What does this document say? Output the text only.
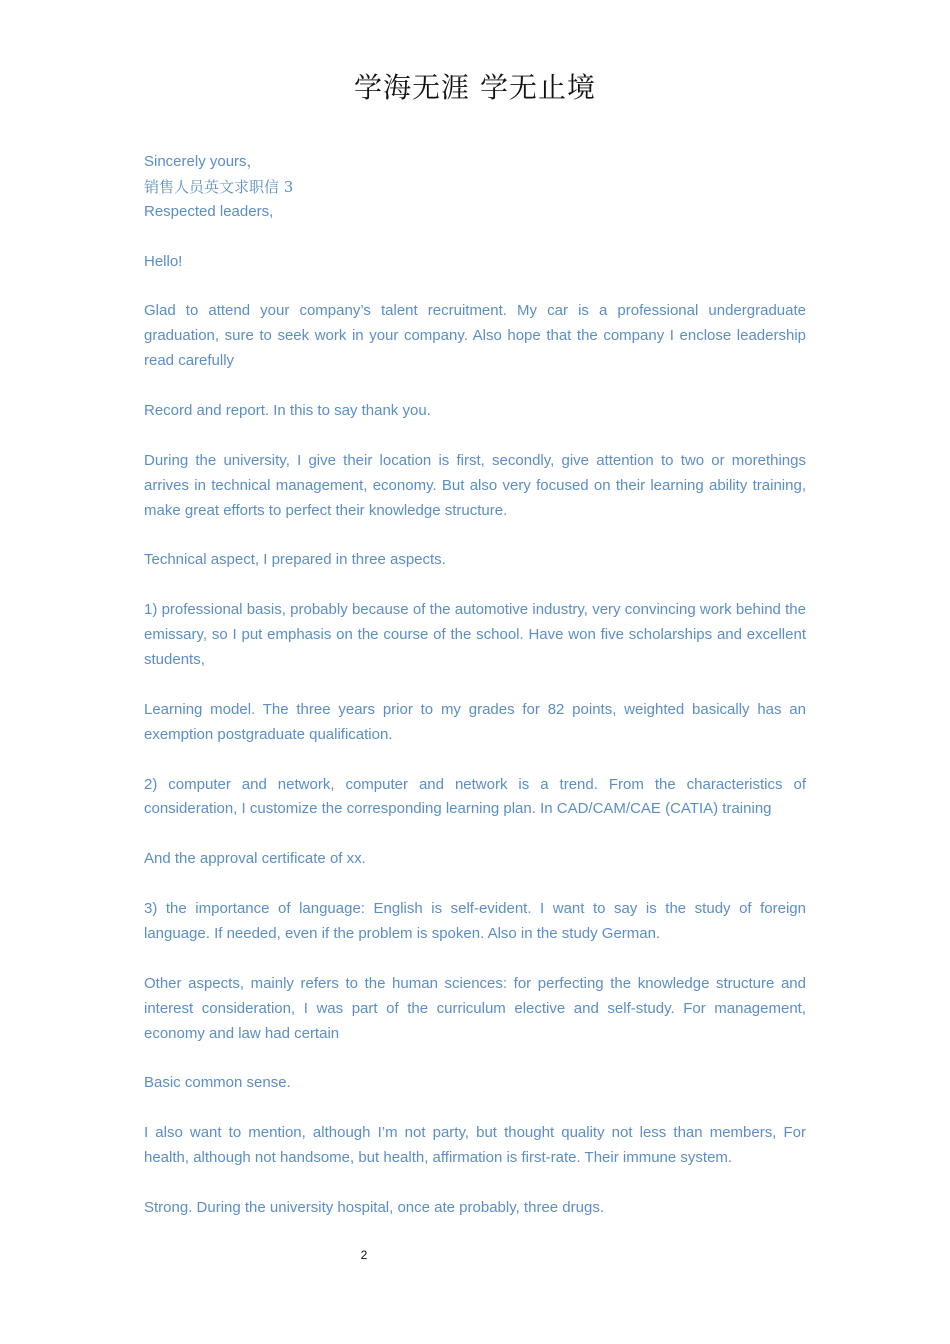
学海无涯 学无止境

Sincerely yours，

销售人员英文求职信 3

Respected leaders,

Hello!

Glad to attend your company’s talent recruitment. My car is a professional undergraduate graduation, sure to seek work in your company. Also hope that the company I enclose leadership read carefully

Record and report. In this to say thank you.

During the university, I give their location is first, secondly, give attention to two or morethings arrives in technical management, economy. But also very focused on their learning ability training, make great efforts to perfect their knowledge structure.

Technical aspect, I prepared in three aspects.

1) professional basis, probably because of the automotive industry, very convincing work behind the emissary, so I put emphasis on the course of the school. Have won five scholarships and excellent students,

Learning model. The three years prior to my grades for 82 points, weighted basically has an exemption postgraduate qualification.

2) computer and network, computer and network is a trend. From the characteristics of consideration, I customize the corresponding learning plan. In CAD/CAM/CAE (CATIA) training

And the approval certificate of xx.

3) the importance of language: English is self-evident. I want to say is the study of foreign language. If needed, even if the problem is spoken. Also in the study German.

Other aspects, mainly refers to the human sciences: for perfecting the knowledge structure and interest consideration, I was part of the curriculum elective and self-study. For management, economy and law had certain

Basic common sense.

I also want to mention, although I’m not party, but thought quality not less than members, For health, although not handsome, but health, affirmation is first-rate. Their immune system.

Strong. During the university hospital, once ate probably, three drugs.

2
